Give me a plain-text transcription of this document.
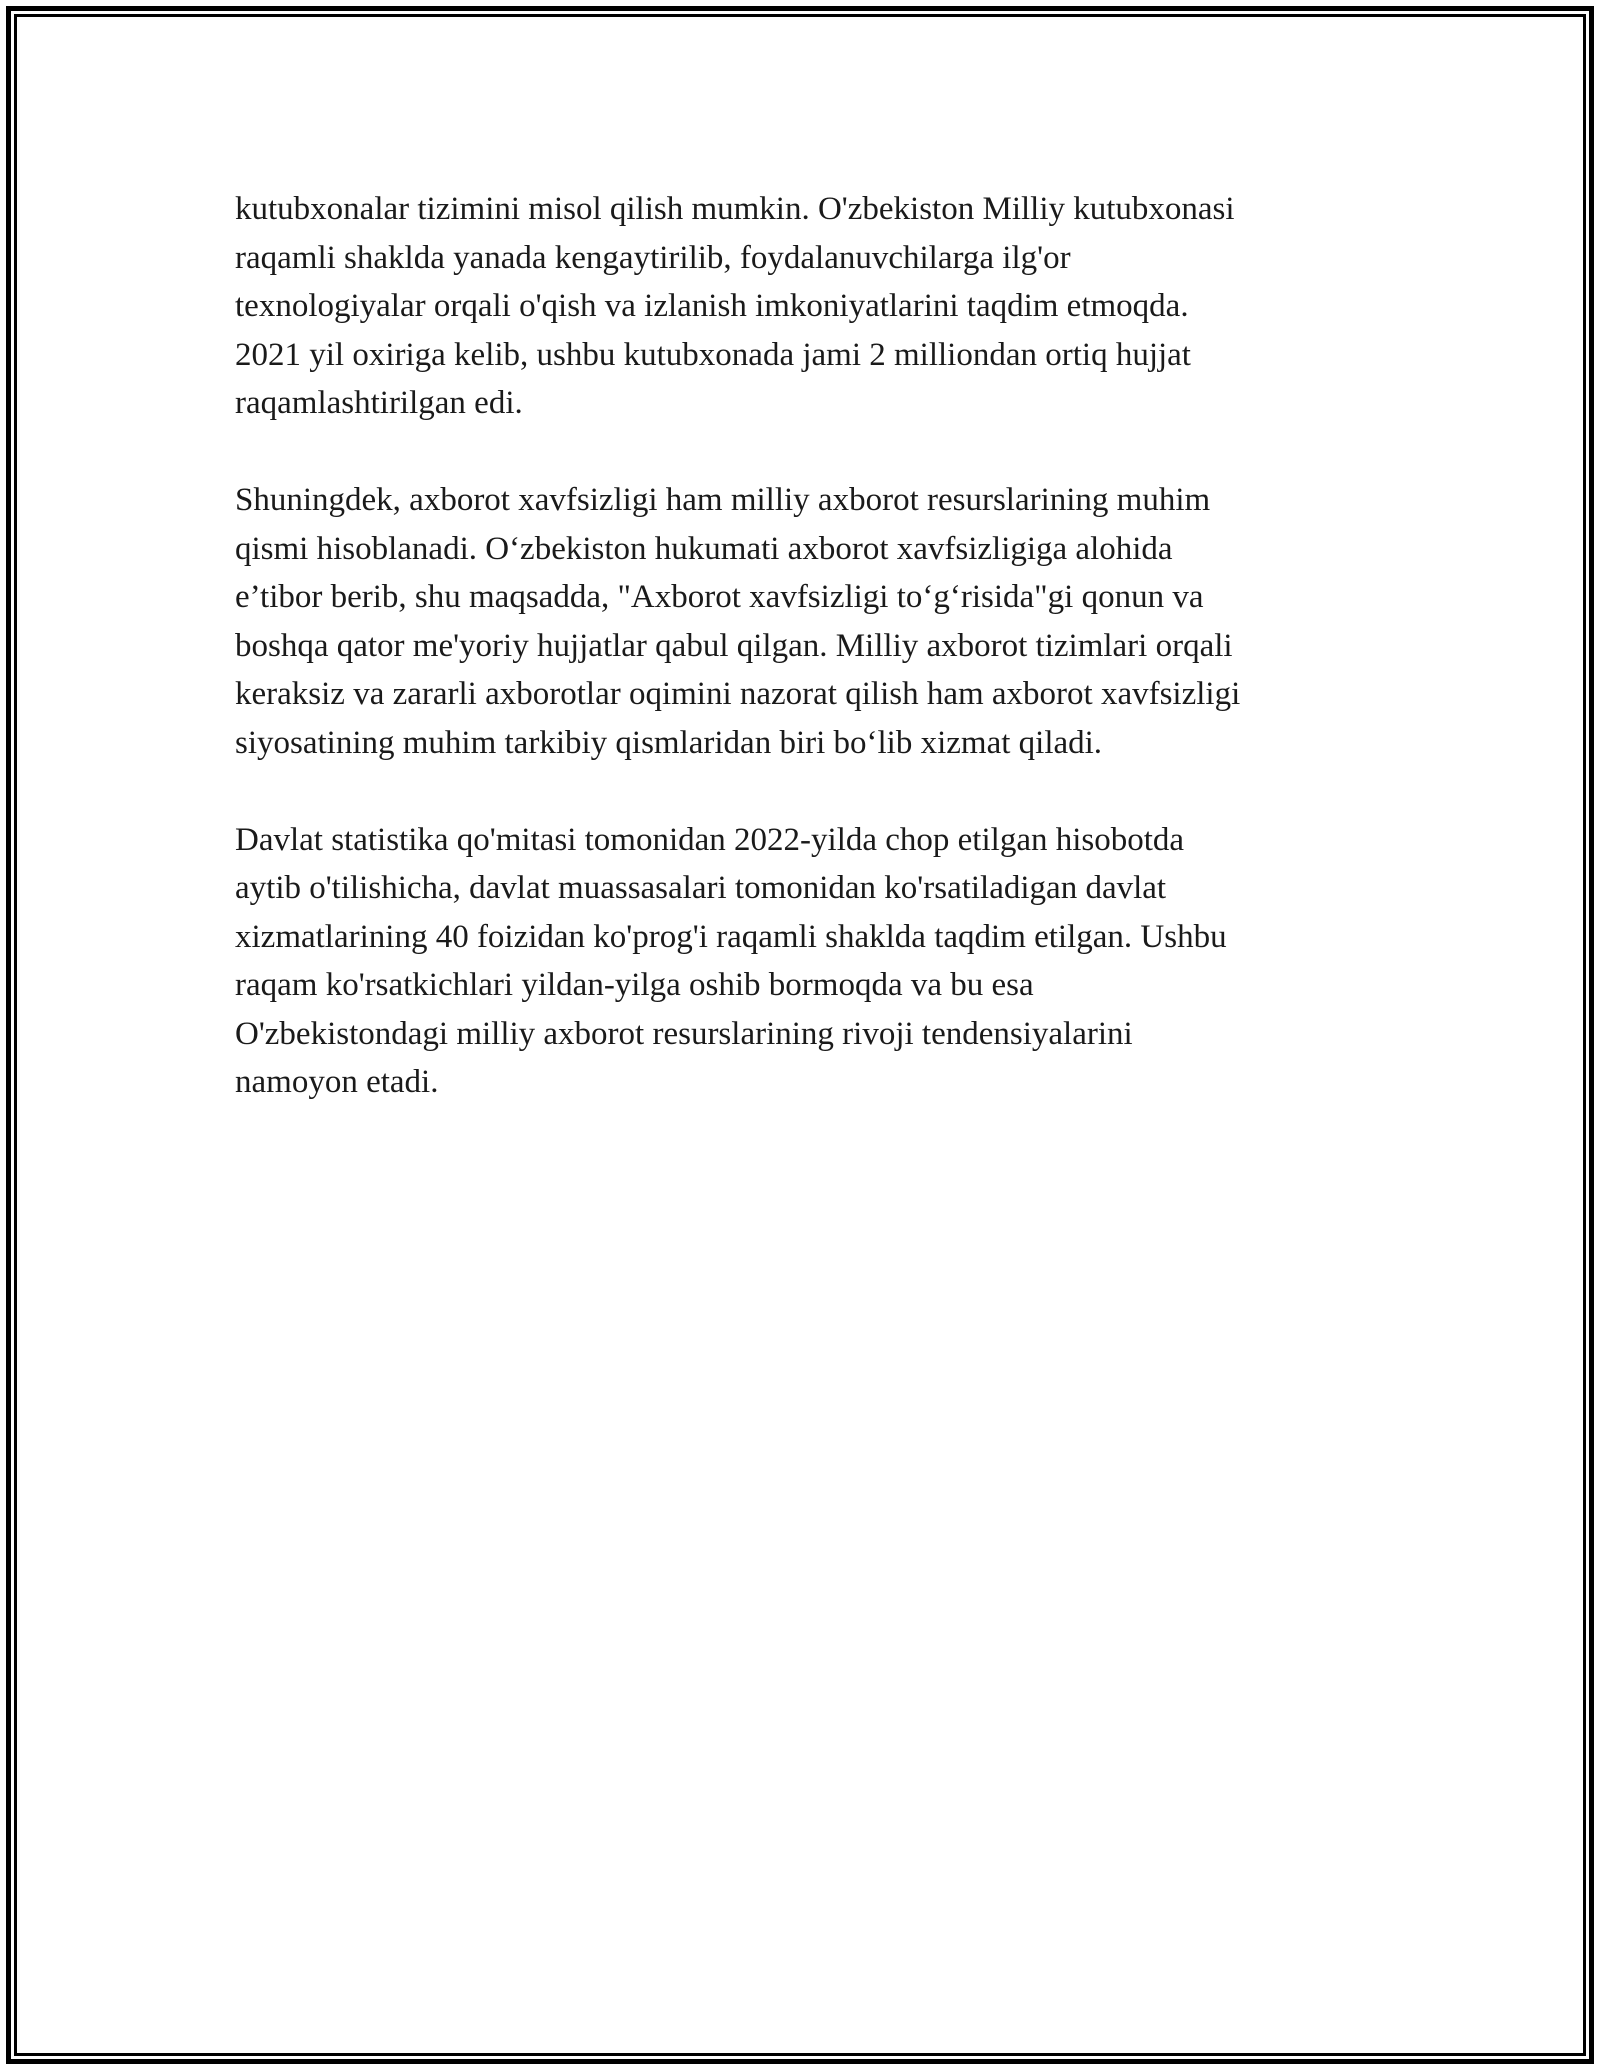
kutubxonalar tizimini misol qilish mumkin. O'zbekiston Milliy kutubxonasi
raqamli shaklda yanada kengaytirilib, foydalanuvchilarga ilg'or
texnologiyalar orqali o'qish va izlanish imkoniyatlarini taqdim etmoqda.
2021 yil oxiriga kelib, ushbu kutubxonada jami 2 milliondan ortiq hujjat
raqamlashtirilgan edi.

Shuningdek, axborot xavfsizligi ham milliy axborot resurslarining muhim
qismi hisoblanadi. O‘zbekiston hukumati axborot xavfsizligiga alohida
e’tibor berib, shu maqsadda, "Axborot xavfsizligi to‘g‘risida"gi qonun va
boshqa qator me'yoriy hujjatlar qabul qilgan. Milliy axborot tizimlari orqali
keraksiz va zararli axborotlar oqimini nazorat qilish ham axborot xavfsizligi
siyosatining muhim tarkibiy qismlaridan biri bo‘lib xizmat qiladi.

Davlat statistika qo'mitasi tomonidan 2022-yilda chop etilgan hisobotda
aytib o'tilishicha, davlat muassasalari tomonidan ko'rsatiladigan davlat
xizmatlarining 40 foizidan ko'prog'i raqamli shaklda taqdim etilgan. Ushbu
raqam ko'rsatkichlari yildan-yilga oshib bormoqda va bu esa
O'zbekistondagi milliy axborot resurslarining rivoji tendensiyalarini
namoyon etadi.
